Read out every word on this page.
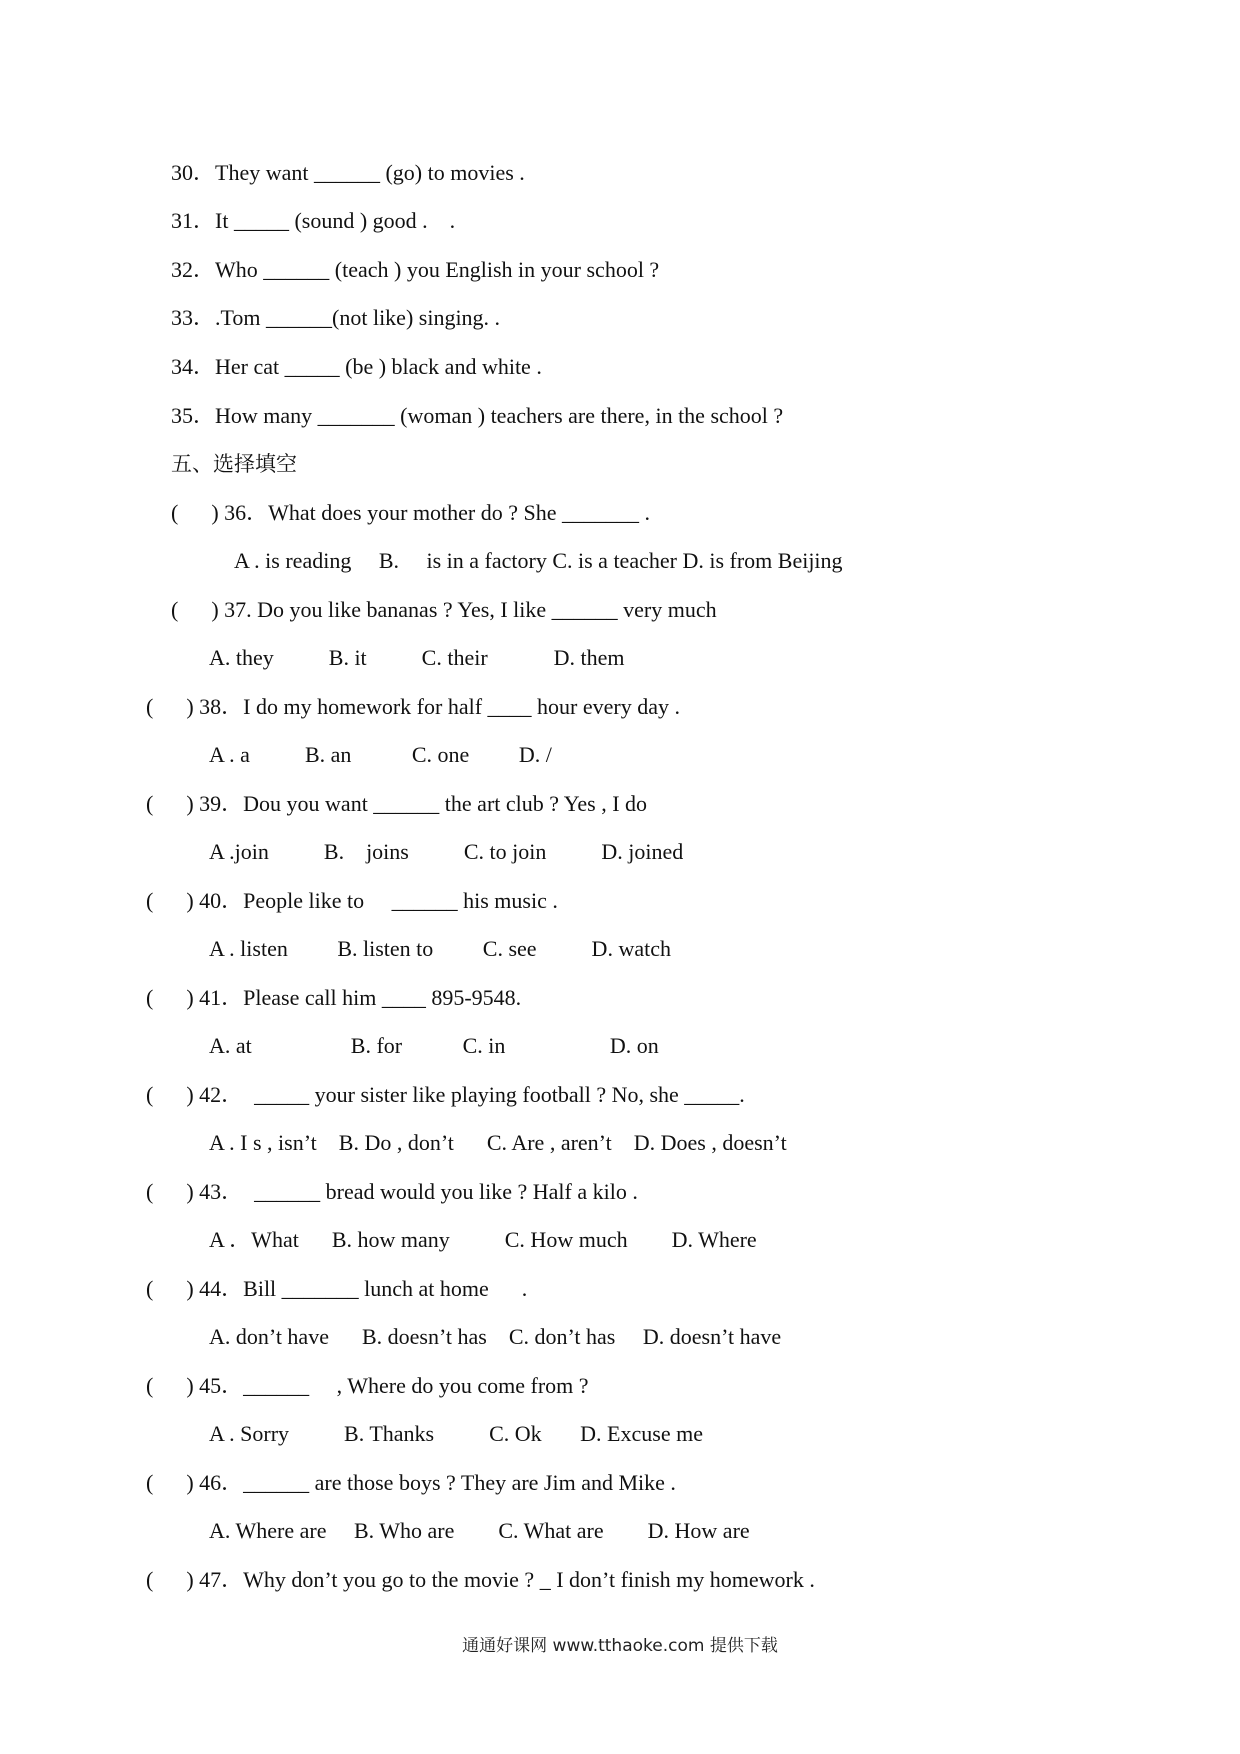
30．They want ______ (go) to movies .
31．It _____ (sound ) good .    .
32．Who ______ (teach ) you English in your school ?
33．.Tom ______(not like) singing. .
34．Her cat _____ (be ) black and white .
35．How many _______ (woman ) teachers are there, in the school ?
五、选择填空
(      ) 36．What does your mother do ? She _______ .
A . is reading     B.     is in a factory C. is a teacher D. is from Beijing
(      ) 37. Do you like bananas ? Yes, I like ______ very much
A. they          B. it          C. their            D. them
(      ) 38．I do my homework for half ____ hour every day .
A . a          B. an           C. one         D. /
(      ) 39．Dou you want ______ the art club ? Yes , I do
A .join          B.    joins          C. to join          D. joined
(      ) 40．People like to     ______ his music .
A . listen         B. listen to         C. see          D. watch
(      ) 41．Please call him ____ 895-9548.
A. at                  B. for           C. in                   D. on
(      ) 42．  _____ your sister like playing football ? No, she _____.
A . I s , isn’t    B. Do , don’t      C. Are , aren’t    D. Does , doesn’t
(      ) 43．  ______ bread would you like ? Half a kilo .
A ．What      B. how many          C. How much        D. Where
(      ) 44．Bill _______ lunch at home      .
A. don’t have      B. doesn’t has    C. don’t has     D. doesn’t have
(      ) 45．______     , Where do you come from ?
A . Sorry          B. Thanks          C. Ok       D. Excuse me
(      ) 46．______ are those boys ? They are Jim and Mike .
A. Where are     B. Who are        C. What are        D. How are
(      ) 47．Why don’t you go to the movie ? _ I don’t finish my homework .
通通好课网 www.tthaoke.com 提供下载
